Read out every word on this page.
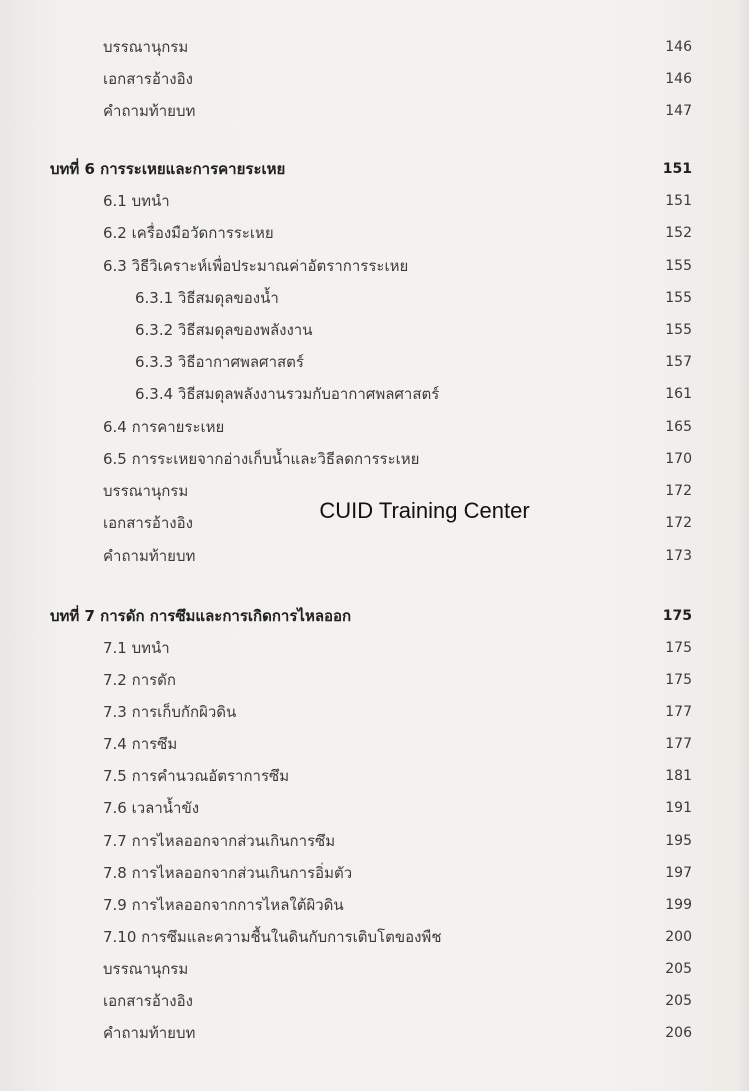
บรรณานุกรม	146
เอกสารอ้างอิง	146
คำถามท้ายบท	147
บทที่ 6 การระเหยและการคายระเหย	151
6.1 บทนำ	151
6.2 เครื่องมือวัดการระเหย	152
6.3 วิธีวิเคราะห์เพื่อประมาณค่าอัตราการระเหย	155
6.3.1 วิธีสมดุลของน้ำ	155
6.3.2 วิธีสมดุลของพลังงาน	155
6.3.3 วิธีอากาศพลศาสตร์	157
6.3.4 วิธีสมดุลพลังงานรวมกับอากาศพลศาสตร์	161
6.4 การคายระเหย	165
6.5 การระเหยจากอ่างเก็บน้ำและวิธีลดการระเหย	170
บรรณานุกรม	172
เอกสารอ้างอิง	172
คำถามท้ายบท	173
บทที่ 7 การดัก การซึมและการเกิดการไหลออก	175
7.1 บทนำ	175
7.2 การดัก	175
7.3 การเก็บกักผิวดิน	177
7.4 การซึม	177
7.5 การคำนวณอัตราการซึม	181
7.6 เวลาน้ำขัง	191
7.7 การไหลออกจากส่วนเกินการซึม	195
7.8 การไหลออกจากส่วนเกินการอิ่มตัว	197
7.9 การไหลออกจากการไหลใต้ผิวดิน	199
7.10 การซึมและความชื้นในดินกับการเติบโตของพืช	200
บรรณานุกรม	205
เอกสารอ้างอิง	205
คำถามท้ายบท	206
CUID Training Center
